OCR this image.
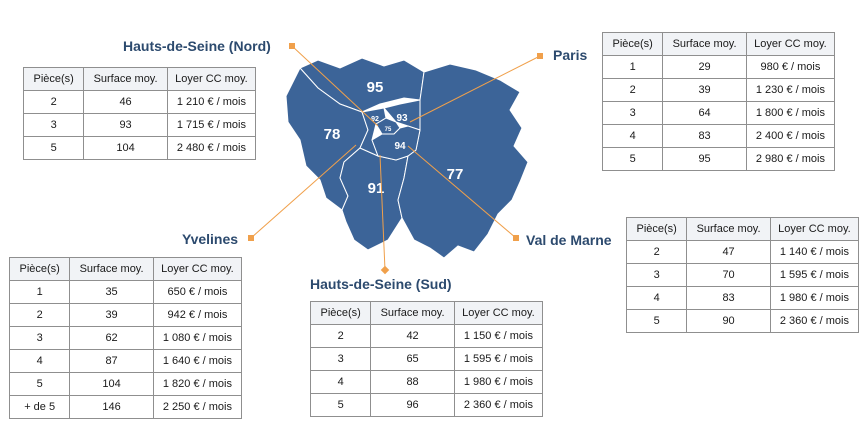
95
78
93
92
75
94
91
77
Hauts-de-Seine (Nord)
Paris
Yvelines
Hauts-de-Seine (Sud)
Val de Marne
Pièce(s)	Surface moy.	Loyer CC moy.
2	46	1 210 € / mois
3	93	1 715 € / mois
5	104	2 480 € / mois
Pièce(s)	Surface moy.	Loyer CC moy.
1	29	980 € / mois
2	39	1 230 € / mois
3	64	1 800 € / mois
4	83	2 400 € / mois
5	95	2 980 € / mois
Pièce(s)	Surface moy.	Loyer CC moy.
1	35	650 € / mois
2	39	942 € / mois
3	62	1 080 € / mois
4	87	1 640 € / mois
5	104	1 820 € / mois
+ de 5	146	2 250 € / mois
Pièce(s)	Surface moy.	Loyer CC moy.
2	42	1 150 € / mois
3	65	1 595 € / mois
4	88	1 980 € / mois
5	96	2 360 € / mois
Pièce(s)	Surface moy.	Loyer CC moy.
2	47	1 140 € / mois
3	70	1 595 € / mois
4	83	1 980 € / mois
5	90	2 360 € / mois
